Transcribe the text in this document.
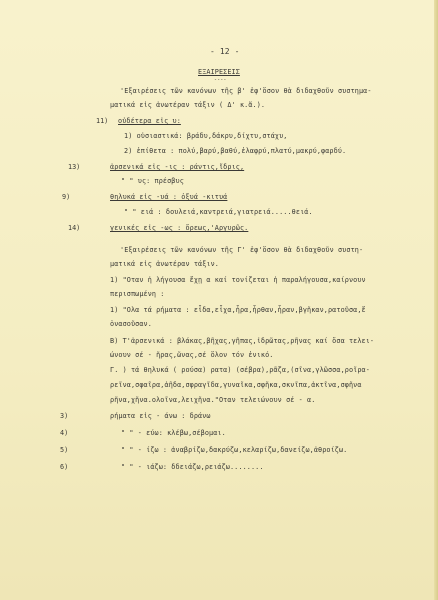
- 12 -
ΕΞΑΙΡΕΣΕΙΣ
----
'Εξαιρέσεις τῶν κανόνων τῆς β' ἐφ'ὅσον θὰ διδαχθοῦν συστημα-
ματικά εἰς ἀνωτέραν τάξιν ( Δ' κ.ἄ.).
11) οὐδέτερα εἰς υ:
1) οὐσιαστικά: βράδυ,δάκρυ,δίχτυ,στάχυ,
2) ἐπίθετα : πολύ,βαρύ,βαθύ,ἐλαφρύ,πλατύ,μακρύ,φαρδύ.
13)	ἀρσενικά εἰς -ις : ράντις,ἴδρις,
" " υς: πρέσβυς
9)	θηλυκά εἰς -υά : ὀξυά -κιτυά
" " ειά : δουλειά,καντρειά,γιατρειά.....θειά.
14)	γενικές εἰς -ως : ὄρεως,'Αργυρῶς.
'Εξαιρέσεις τῶν κανόνων τῆς Γ' ἐφ'ὅσον θὰ διδαχθοῦν συστη-
ματικά εἰς ἀνωτέραν τάξιν.
1) "Οταν ἡ λήγουσα ἔχῃ α καί τονίζεται ἡ παραλήγουσα,καίρνουν
περισπωμένη :
1) "Ολα τά ρήματα : εἶδα,εἶχα,ἦρα,ἦρθαν,ἦραν,βγῆκαν,ρατοῦσα,ἔ
ὁνασοῦσαν.
B) Τ'ἀρσενικά : βλάκας,βῆχας,γῆπας,ἱδρῶτας,ρῆνας καί ὅσα τελει-
ώνουν σέ - ῆρας,ῶνας,σέ ὅλον τόν ἑνικό.
Γ. ) τά θηλυκά ( ρούσα) ρατα) (σέβρα),ρᾶζα,(σῖνα,γλῶσσα,ροῖρα-
ρεῖνα,σφαῖρα,ἀῆδα,σφραγῖδα,γυναῖκα,σφῆκα,σκνῖπα,ἀκτῖνα,σφῆνα
ρῆνα,χῆνα.ολοῖνα,λειχῆνα."Οταν τελειώνουν σέ - α.
3)	ρήματα εἰς - άνω : δράνω
4)	" " - εύω: κλέβω,σέβομαι.
5)	" " - ίζω : ἀναβρίζω,δακρύζω,κελαρίζω,δανείζω,ἀθροίζω.
6)	" " - ιάζω: δδειάζω,ρειάζω........
